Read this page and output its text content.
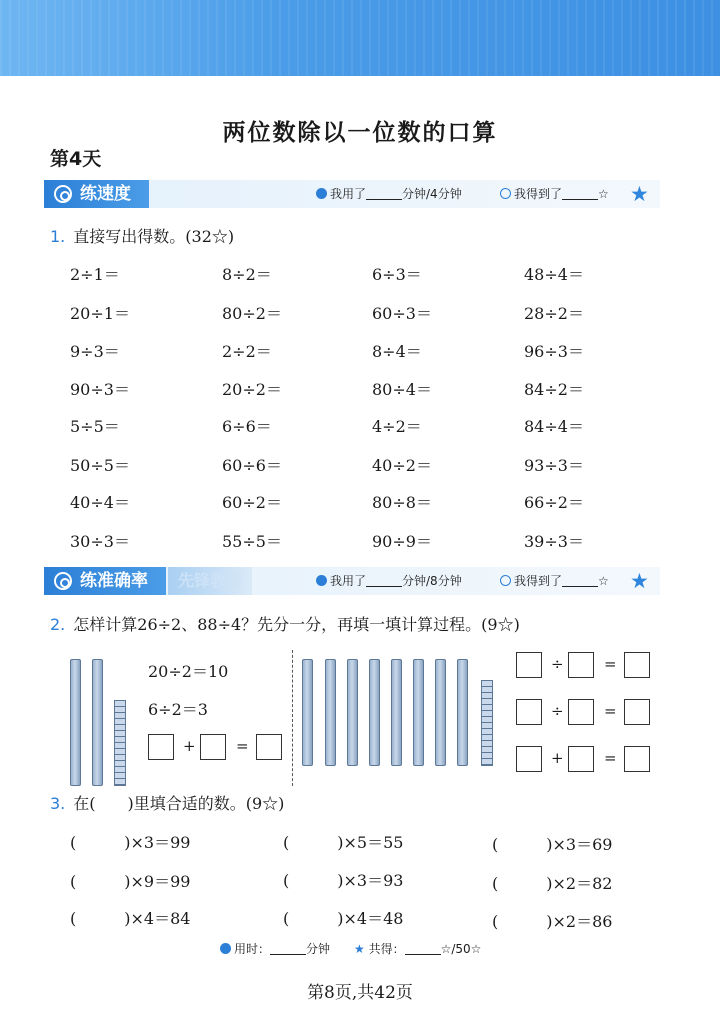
两位数除以一位数的口算
第4天
练速度	我用了	分钟/4分钟	我得到了	☆ ★
1. 直接写出得数。(32☆)
2÷1＝	8÷2＝	6÷3＝	48÷4＝
20÷1＝	80÷2＝	60÷3＝	28÷2＝
9÷3＝	2÷2＝	8÷4＝	96÷3＝
90÷3＝	20÷2＝	80÷4＝	84÷2＝
5÷5＝	6÷6＝	4÷2＝	84÷4＝
50÷5＝	60÷6＝	40÷2＝	93÷3＝
40÷4＝	60÷2＝	80÷8＝	66÷2＝
30÷3＝	55÷5＝	90÷9＝	39÷3＝
练准确率	先锋教辅	我用了	分钟/8分钟	我得到了	☆ ★
2. 怎样计算26÷2、88÷4？先分一分，再填一填计算过程。(9☆)
20÷2＝10
6÷2＝3
+	=
÷	=
÷	=
+	=
3. 在(　　)里填合适的数。(9☆)
(　　　)×3＝99	(　　　)×5＝55	(　　　)×3＝69
(　　　)×9＝99	(　　　)×3＝93	(　　　)×2＝82
(　　　)×4＝84	(　　　)×4＝48	(　　　)×2＝86
用时：	分钟 ★ 共得：	☆/50☆
第8页,共42页
